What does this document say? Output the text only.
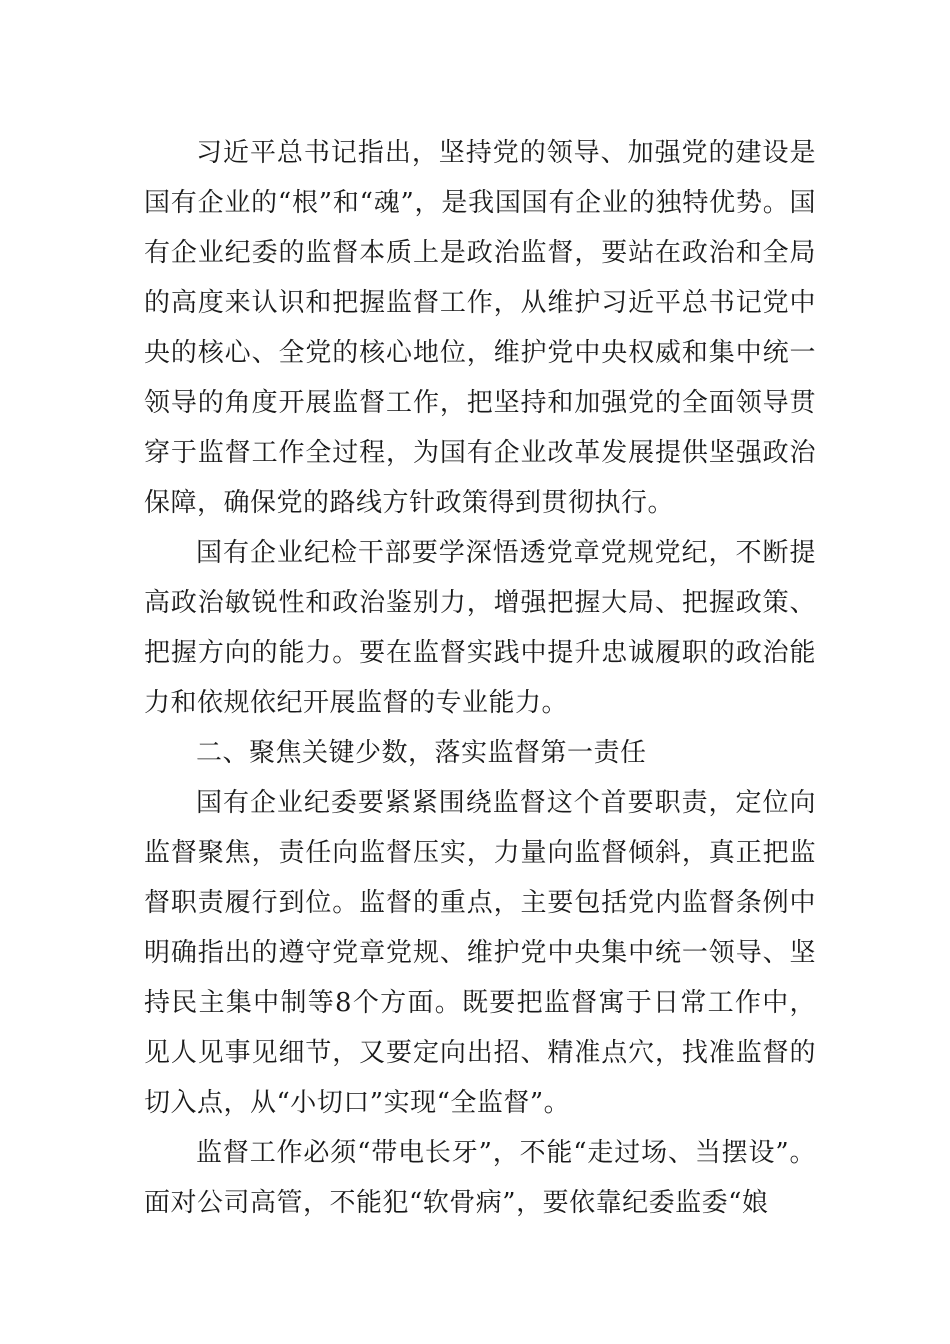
习近平总书记指出，坚持党的领导、加强党的建设是国有企业的“根”和“魂”，是我国国有企业的独特优势。国有企业纪委的监督本质上是政治监督，要站在政治和全局的高度来认识和把握监督工作，从维护习近平总书记党中央的核心、全党的核心地位，维护党中央权威和集中统一领导的角度开展监督工作，把坚持和加强党的全面领导贯穿于监督工作全过程，为国有企业改革发展提供坚强政治保障，确保党的路线方针政策得到贯彻执行。

国有企业纪检干部要学深悟透党章党规党纪，不断提高政治敏锐性和政治鉴别力，增强把握大局、把握政策、把握方向的能力。要在监督实践中提升忠诚履职的政治能力和依规依纪开展监督的专业能力。

二、聚焦关键少数，落实监督第一责任

国有企业纪委要紧紧围绕监督这个首要职责，定位向监督聚焦，责任向监督压实，力量向监督倾斜，真正把监督职责履行到位。监督的重点，主要包括党内监督条例中明确指出的遵守党章党规、维护党中央集中统一领导、坚持民主集中制等8个方面。既要把监督寓于日常工作中，见人见事见细节，又要定向出招、精准点穴，找准监督的切入点，从“小切口”实现“全监督”。

监督工作必须“带电长牙”，不能“走过场、当摆设”。面对公司高管，不能犯“软骨病”，要依靠纪委监委“娘
